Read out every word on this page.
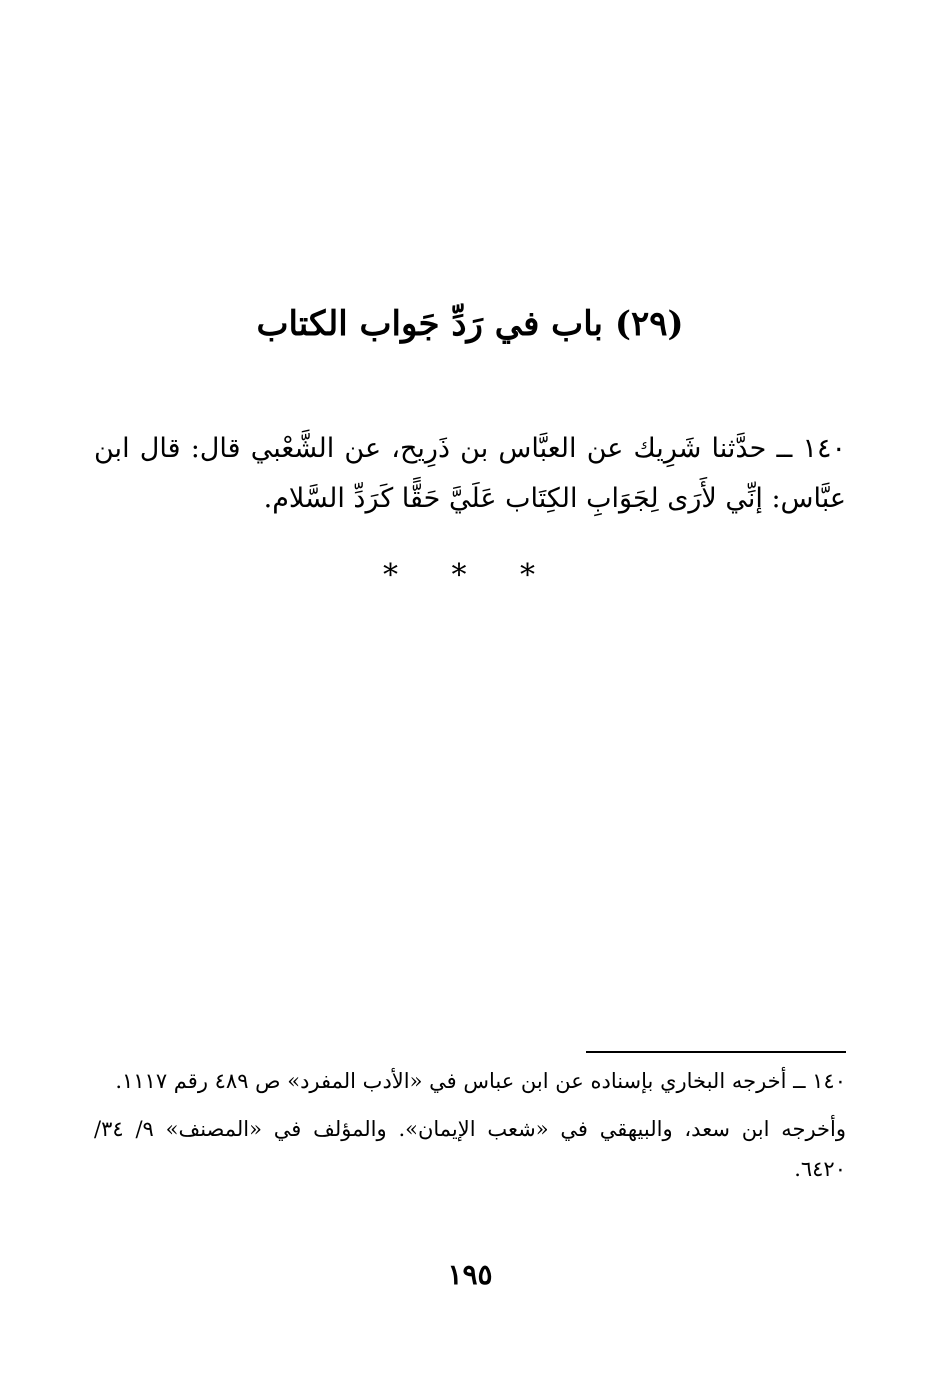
(٢٩) باب في رَدِّ جَواب الكتاب
١٤٠ ــ حدَّثنا شَرِيك عن العبَّاس بن ذَرِيح، عن الشَّعْبي قال: قال ابن عبَّاس: إنِّي لأَرَى لِجَوَابِ الكِتَاب عَلَيَّ حَقًّا كَرَدِّ السَّلام.
* * *

١٤٠ ــ أخرجه البخاري بإسناده عن ابن عباس في «الأدب المفرد» ص ٤٨٩ رقم ١١١٧.

وأخرجه ابن سعد، والبيهقي في «شعب الإيمان». والمؤلف في «المصنف» ٩/ ٣٤/ ٦٤٢٠.

١٩٥
